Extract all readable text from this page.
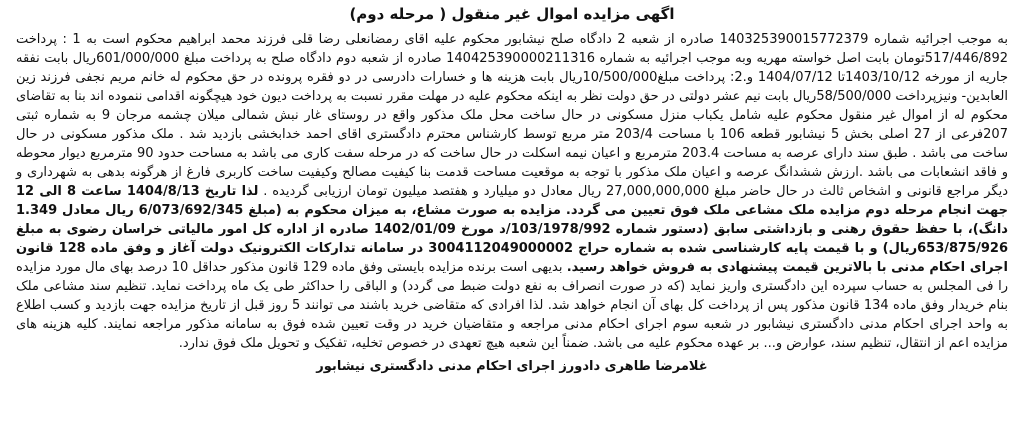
اگهی مزایده اموال غیر منقول ( مرحله دوم)

به موجب اجرائیه شماره 140325390015772379 صادره از شعبه 2 دادگاه صلح نیشابور محکوم علیه اقای رمضانعلی رضا قلی فرزند محمد ابراهیم محکوم است به 1 : پرداخت 517/446/892تومان بابت اصل خواسته مهریه وبه موجب اجرائیه به شماره 140425390000211316 صادره از شعبه دوم دادگاه صلح به پرداخت مبلغ 601/000/000ریال بابت نفقه جاریه از مورخه 1403/10/12تا 1404/07/12 و.2: پرداخت مبلغ10/500/000ریال بابت هزینه ها و خسارات دادرسی در دو فقره پرونده در حق محکوم له خانم مریم نجفی فرزند زین العابدین- ونیزپرداخت 58/500/000ریال بابت نیم عشر دولتی در حق دولت نظر به اینکه محکوم علیه در مهلت مقرر نسبت به پرداخت دیون خود هیچگونه اقدامی ننموده اند بنا به تقاضای محکوم له از اموال غیر منقول محکوم علیه شامل یکباب منزل مسکونی در حال ساخت محل ملک مذکور واقع در روستای غار نبش شمالی میلان چشمه مرجان 9 به شماره ثبتی 207فرعی از 27 اصلی بخش 5 نیشابور قطعه 106 با مساحت 203/4 متر مربع توسط کارشناس محترم دادگستری اقای احمد خدابخشی بازدید شد . ملک مذکور مسکونی در حال ساخت می باشد . طبق سند دارای عرصه به مساحت 203.4 مترمربع و اعیان نیمه اسکلت در حال ساخت که در مرحله سفت کاری می باشد به مساحت حدود 90 مترمربع دیوار محوطه و فاقد انشعابات می باشد .ارزش ششدانگ عرصه و اعیان ملک مذکور با توجه به موقعیت مساحت قدمت بنا کیفیت مصالح وکیفیت ساخت کاربری فارغ از هرگونه بدهی به شهرداری و دیگر مراجع قانونی و اشخاص ثالث در حال حاضر مبلغ 27,000,000,000 ریال معادل دو میلیارد و هفتصد میلیون تومان ارزیابی گردیده . لذا تاریخ 1404/8/13 ساعت 8 الی 12 جهت انجام مرحله دوم مزایده ملک مشاعی ملک فوق تعیین می گردد. مزایده به صورت مشاع، به میزان محکوم به (مبلغ 6/073/692/345 ریال معادل 1.349 دانگ)، با حفظ حقوق رهنی و بازداشتی سابق (دستور شماره 103/1978/992/د مورخ 1402/01/09 صادره از اداره کل امور مالیاتی خراسان رضوی به مبلغ 653/875/926ریال) و با قیمت پایه کارشناسی شده به شماره حراج 3004112049000002 در سامانه تدارکات الکترونیک دولت آغاز و وفق ماده 128 قانون اجرای احکام مدنی با بالاترین قیمت پیشنهادی به فروش خواهد رسید. بدیهی است برنده مزایده بایستی وفق ماده 129 قانون مذکور حداقل 10 درصد بهای مال مورد مزایده را فی المجلس به حساب سپرده این دادگستری واریز نماید (که در صورت انصراف به نفع دولت ضبط می گردد) و الباقی را حداکثر طی یک ماه پرداخت نماید. تنظیم سند مشاعی ملک بنام خریدار وفق ماده 134 قانون مذکور پس از پرداخت کل بهای آن انجام خواهد شد. لذا افرادی که متقاضی خرید باشند می توانند 5 روز قبل از تاریخ مزایده جهت بازدید و کسب اطلاع به واحد اجرای احکام مدنی دادگستری نیشابور در شعبه سوم اجرای احکام مدنی مراجعه و متقاضیان خرید در وقت تعیین شده فوق به سامانه مذکور مراجعه نمایند. کلیه هزینه های مزایده اعم از انتقال، تنظیم سند، عوارض و... بر عهده محکوم علیه می باشد. ضمناً این شعبه هیچ تعهدی در خصوص تخلیه، تفکیک و تحویل ملک فوق ندارد.

غلامرضا طاهری دادورز اجرای احکام مدنی دادگستری نیشابور
